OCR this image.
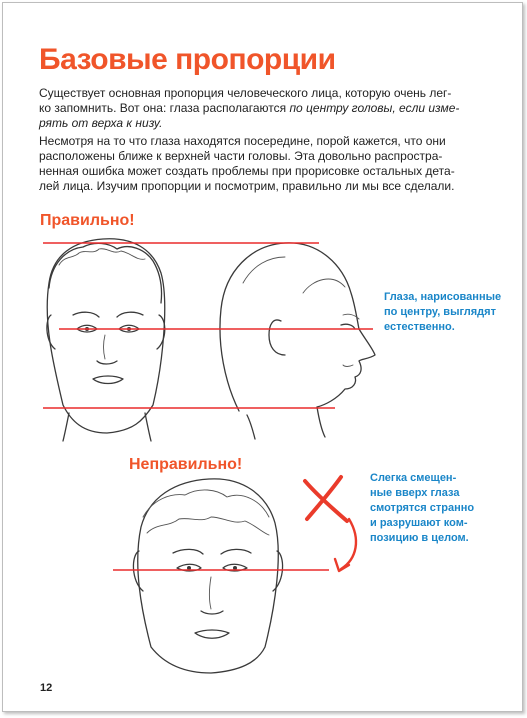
Базовые пропорции

Существует основная пропорция человеческого лица, которую очень лег-
ко запомнить. Вот она: глаза располагаются по центру головы, если изме-
рять от верха к низу.

Несмотря на то что глаза находятся посередине, порой кажется, что они
расположены ближе к верхней части головы. Эта довольно распростра-
ненная ошибка может создать проблемы при прорисовке остальных дета-
лей лица. Изучим пропорции и посмотрим, правильно ли мы все сделали.

Правильно!

Глаза, нарисованные
по центру, выглядят
естественно.

Неправильно!

Слегка смещен-
ные вверх глаза
смотрятся странно
и разрушают ком-
позицию в целом.

12
